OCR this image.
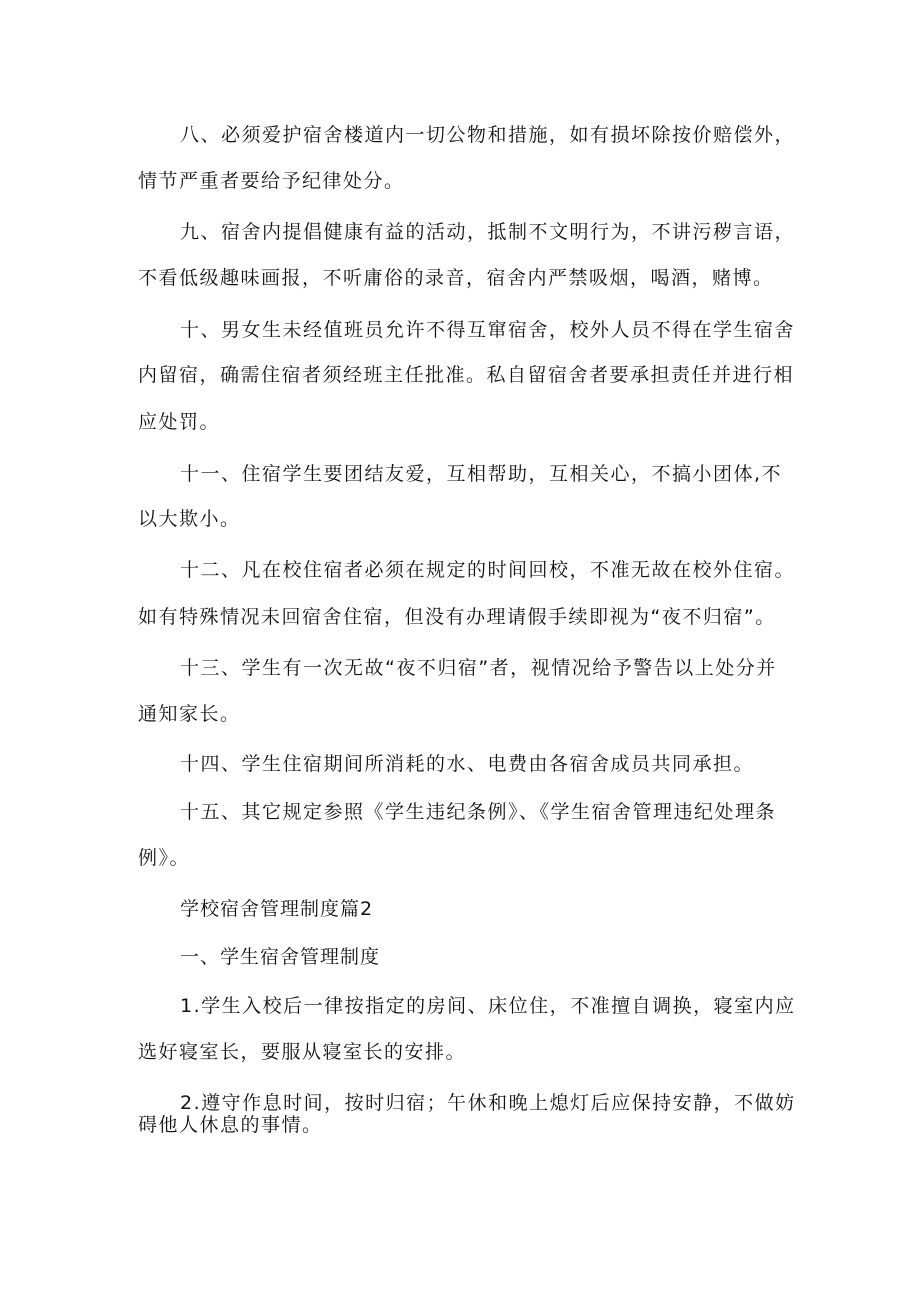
八、必须爱护宿舍楼道内一切公物和措施，如有损坏除按价赔偿外，
情节严重者要给予纪律处分。
九、宿舍内提倡健康有益的活动，抵制不文明行为，不讲污秽言语，
不看低级趣味画报，不听庸俗的录音，宿舍内严禁吸烟，喝酒，赌博。
十、男女生未经值班员允许不得互窜宿舍，校外人员不得在学生宿舍
内留宿，确需住宿者须经班主任批准。私自留宿舍者要承担责任并进行相
应处罚。
十一、住宿学生要团结友爱，互相帮助，互相关心，不搞小团体,不
以大欺小。
十二、凡在校住宿者必须在规定的时间回校，不准无故在校外住宿。
如有特殊情况未回宿舍住宿，但没有办理请假手续即视为“夜不归宿”。
十三、学生有一次无故“夜不归宿”者，视情况给予警告以上处分并
通知家长。
十四、学生住宿期间所消耗的水、电费由各宿舍成员共同承担。
十五、其它规定参照《学生违纪条例》、《学生宿舍管理违纪处理条
例》。
学校宿舍管理制度篇2
一、学生宿舍管理制度
1.学生入校后一律按指定的房间、床位住，不准擅自调换，寝室内应
选好寝室长，要服从寝室长的安排。
2.遵守作息时间，按时归宿；午休和晚上熄灯后应保持安静，不做妨
碍他人休息的事情。
